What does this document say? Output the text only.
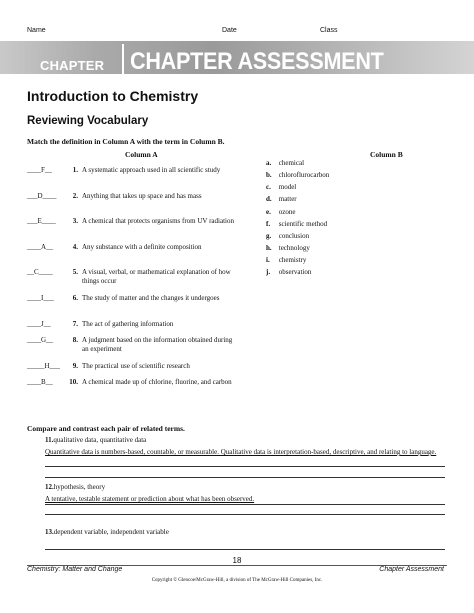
Name	Date	Class
CHAPTER CHAPTER ASSESSMENT
Introduction to Chemistry
Reviewing Vocabulary
Match the definition in Column A with the term in Column B.
Column A	Column B
____F__	1. A systematic approach used in all scientific study
___D____	2. Anything that takes up space and has mass
___E____	3. A chemical that protects organisms from UV radiation
____A__	4. Any substance with a definite composition
__C____	5. A visual, verbal, or mathematical explanation of how things occur
____I___	6. The study of matter and the changes it undergoes
____J__	7. The act of gathering information
____G__	8. A judgment based on the information obtained during an experiment
_____H___	9. The practical use of scientific research
____B__	10. A chemical made up of chlorine, fluorine, and carbon
a. chemical
b. chloroflurocarbon
c. model
d. matter
e. ozone
f. scientific method
g. conclusion
h. technology
i. chemistry
j. observation
Compare and contrast each pair of related terms.
11.qualitative data, quantitative data
Quantitative data is numbers-based, countable, or measurable. Qualitative data is interpretation-based, descriptive, and relating to language.
12.hypothesis, theory
A tentative, testable statement or prediction about what has been observed.
13.dependent variable, independent variable
18
Chemistry: Matter and Change	Chapter Assessment
Copyright © Glencoe/McGraw-Hill, a division of The McGraw-Hill Companies, Inc.
